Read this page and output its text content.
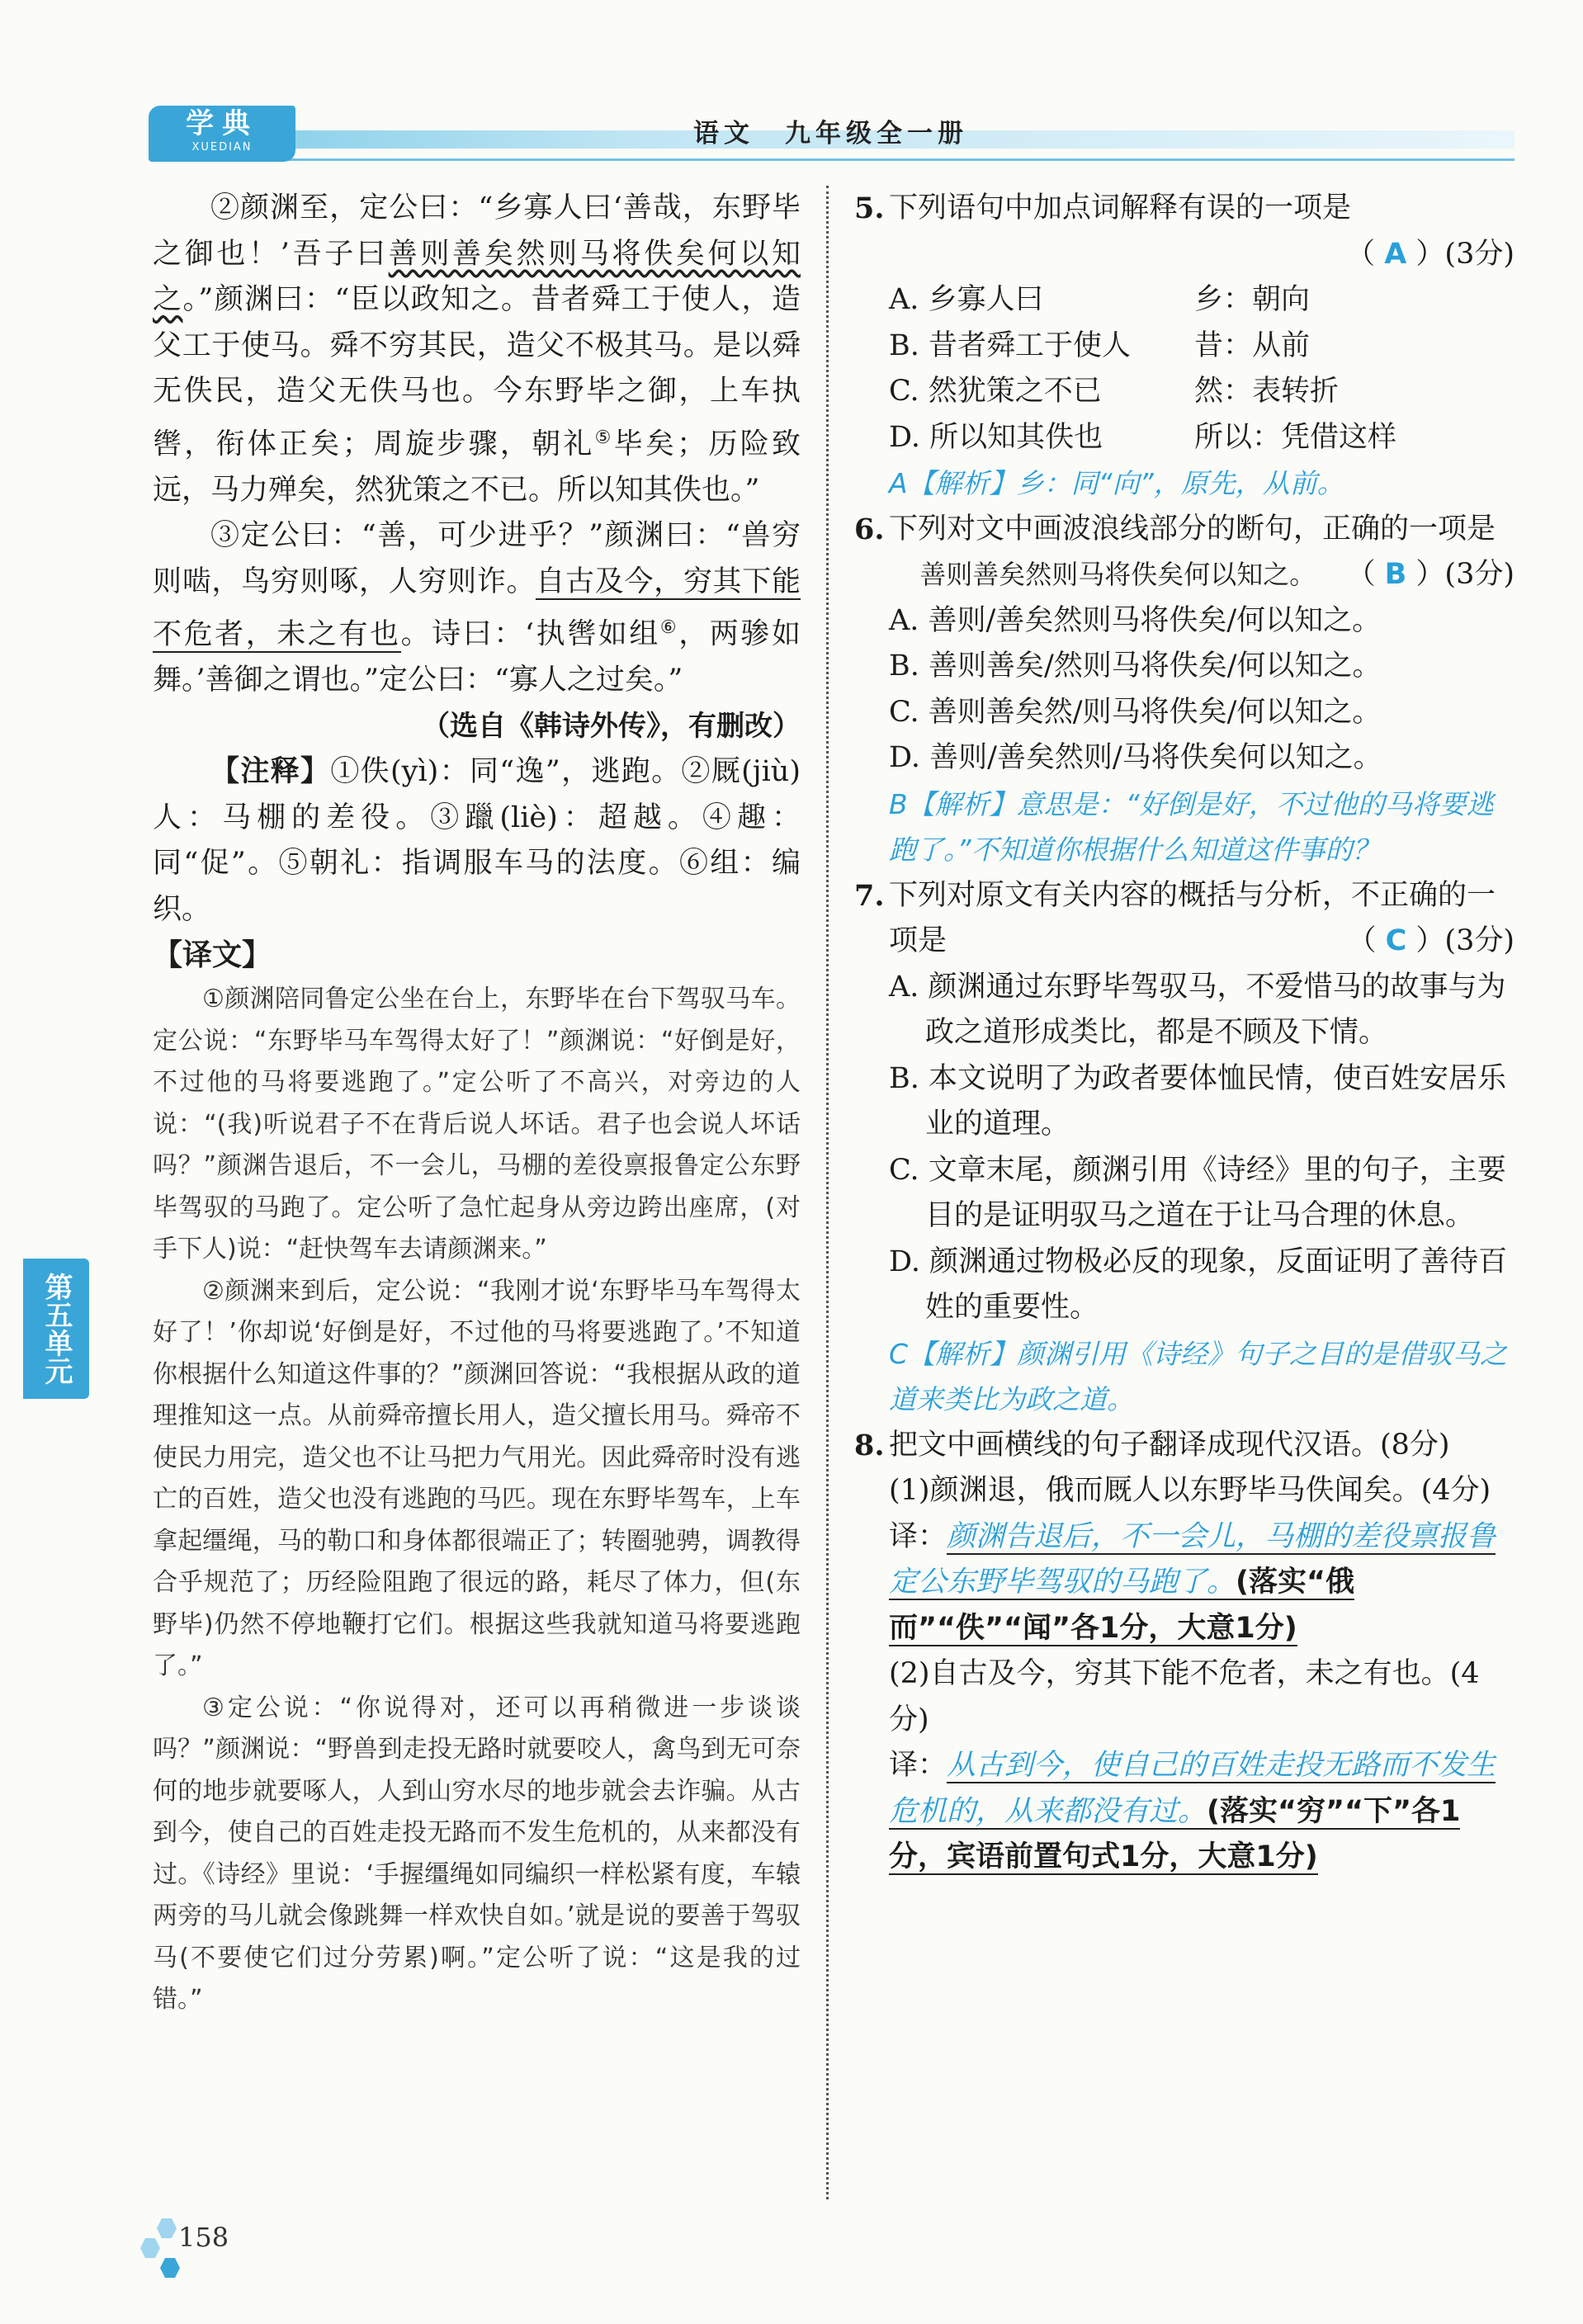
学典
XUEDIAN	语文　九年级全一册

②颜渊至，定公曰：“乡寡人曰‘善哉，东野毕之御也！’吾子曰善则善矣然则马将佚矣何以知之。”颜渊曰：“臣以政知之。昔者舜工于使人，造父工于使马。舜不穷其民，造父不极其马。是以舜无佚民，造父无佚马也。今东野毕之御，上车执辔，衔体正矣；周旋步骤，朝礼⑤毕矣；历险致远，马力殚矣，然犹策之不已。所以知其佚也。”

③定公曰：“善，可少进乎？”颜渊曰：“兽穷则啮，鸟穷则啄，人穷则诈。自古及今，穷其下能不危者，未之有也。诗曰：‘执辔如组⑥，两骖如舞。’善御之谓也。”定公曰：“寡人之过矣。”

（选自《韩诗外传》，有删改）

【注释】①佚(yì)：同“逸”，逃跑。②厩(jiù)人：马棚的差役。③躐(liè)：超越。④趣：同“促”。⑤朝礼：指调服车马的法度。⑥组：编织。

【译文】

①颜渊陪同鲁定公坐在台上，东野毕在台下驾驭马车。定公说：“东野毕马车驾得太好了！”颜渊说：“好倒是好，不过他的马将要逃跑了。”定公听了不高兴，对旁边的人说：“(我)听说君子不在背后说人坏话。君子也会说人坏话吗？”颜渊告退后，不一会儿，马棚的差役禀报鲁定公东野毕驾驭的马跑了。定公听了急忙起身从旁边跨出座席，(对手下人)说：“赶快驾车去请颜渊来。”

②颜渊来到后，定公说：“我刚才说‘东野毕马车驾得太好了！’你却说‘好倒是好，不过他的马将要逃跑了。’不知道你根据什么知道这件事的？”颜渊回答说：“我根据从政的道理推知这一点。从前舜帝擅长用人，造父擅长用马。舜帝不使民力用完，造父也不让马把力气用光。因此舜帝时没有逃亡的百姓，造父也没有逃跑的马匹。现在东野毕驾车，上车拿起缰绳，马的勒口和身体都很端正了；转圈驰骋，调教得合乎规范了；历经险阻跑了很远的路，耗尽了体力，但(东野毕)仍然不停地鞭打它们。根据这些我就知道马将要逃跑了。”

③定公说：“你说得对，还可以再稍微进一步谈谈吗？”颜渊说：“野兽到走投无路时就要咬人，禽鸟到无可奈何的地步就要啄人，人到山穷水尽的地步就会去诈骗。从古到今，使自己的百姓走投无路而不发生危机的，从来都没有过。《诗经》里说：‘手握缰绳如同编织一样松紧有度，车辕两旁的马儿就会像跳舞一样欢快自如。’就是说的要善于驾驭马(不要使它们过分劳累)啊。”定公听了说：“这是我的过错。”

5. 下列语句中加点词解释有误的一项是

（ A ）(3分)

A. 乡寡人曰	乡：朝向
B. 昔者舜工于使人	昔：从前
C. 然犹策之不已	然：表转折
D. 所以知其佚也	所以：凭借这样

A【解析】乡：同“向”，原先，从前。

6. 下列对文中画波浪线部分的断句，正确的一项是
（ B ）(3分)

善则善矣然则马将佚矣何以知之。

A. 善则/善矣然则马将佚矣/何以知之。

B. 善则善矣/然则马将佚矣/何以知之。

C. 善则善矣然/则马将佚矣/何以知之。

D. 善则/善矣然则/马将佚矣何以知之。

B【解析】意思是：“好倒是好，不过他的马将要逃跑了。”不知道你根据什么知道这件事的？

7. 下列对原文有关内容的概括与分析，不正确的一项是	（ C ）(3分)

A. 颜渊通过东野毕驾驭马，不爱惜马的故事与为政之道形成类比，都是不顾及下情。

B. 本文说明了为政者要体恤民情，使百姓安居乐业的道理。

C. 文章末尾，颜渊引用《诗经》里的句子，主要目的是证明驭马之道在于让马合理的休息。

D. 颜渊通过物极必反的现象，反面证明了善待百姓的重要性。

C【解析】颜渊引用《诗经》句子之目的是借驭马之道来类比为政之道。

8. 把文中画横线的句子翻译成现代汉语。(8分)

(1)颜渊退，俄而厩人以东野毕马佚闻矣。(4分)

译：颜渊告退后，不一会儿，马棚的差役禀报鲁定公东野毕驾驭的马跑了。(落实“俄而”“佚”“闻”各1分，大意1分)

(2)自古及今，穷其下能不危者，未之有也。(4分)

译：从古到今，使自己的百姓走投无路而不发生危机的，从来都没有过。(落实“穷”“下”各1分，宾语前置句式1分，大意1分)

第五单元
158
